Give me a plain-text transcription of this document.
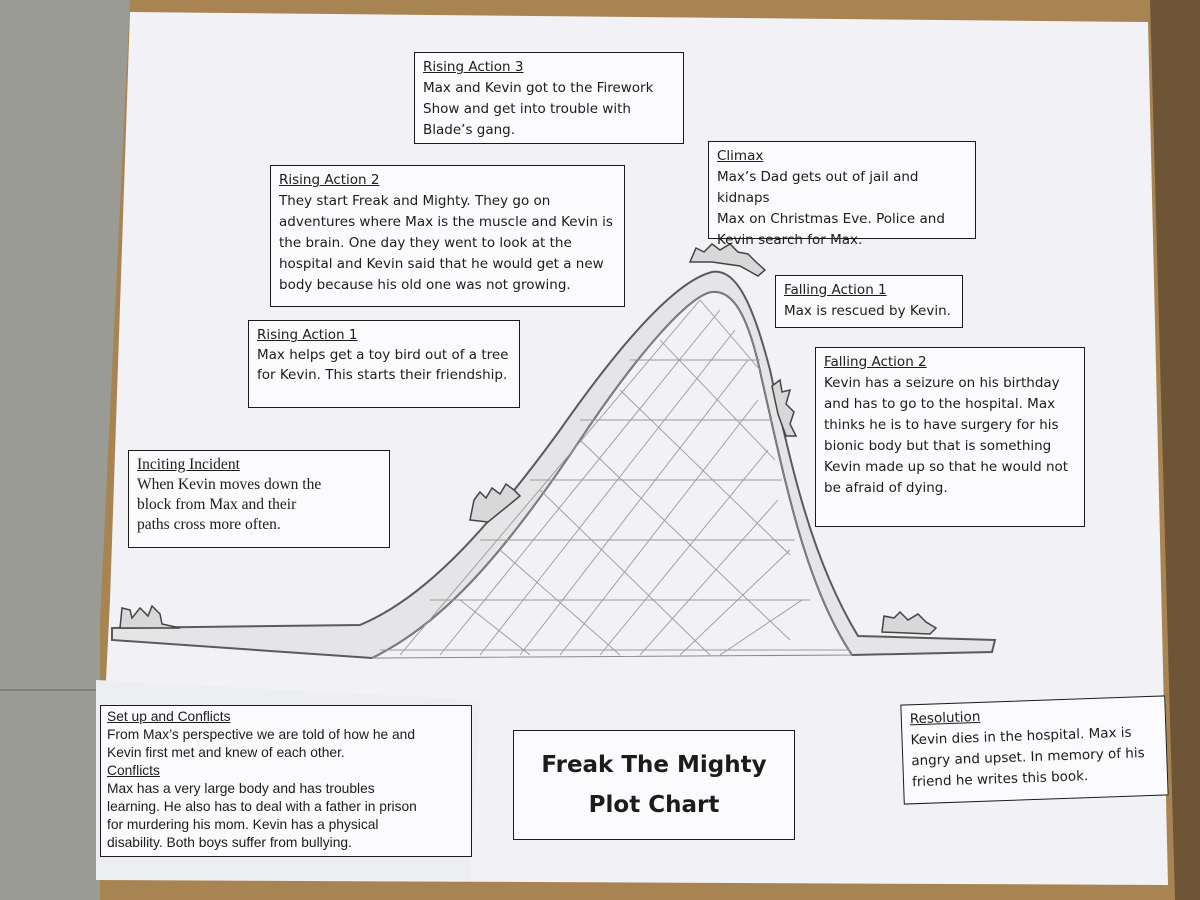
Rising Action 3
Max and Kevin got to the Firework
Show and get into trouble with
Blade’s gang.
Climax
Max’s Dad gets out of jail and kidnaps
Max on Christmas Eve. Police and
Kevin search for Max.
Rising Action 2
They start Freak and Mighty. They go on
adventures where Max is the muscle and Kevin is
the brain. One day they went to look at the
hospital and Kevin said that he would get a new
body because his old one was not growing.	Falling Action 1
Max is rescued by Kevin.
Rising Action 1
Max helps get a toy bird out of a tree
for Kevin. This starts their friendship.
Falling Action 2
Kevin has a seizure on his birthday
and has to go to the hospital. Max
thinks he is to have surgery for his
bionic body but that is something
Kevin made up so that he would not
be afraid of dying.
Inciting Incident
When Kevin moves down the
block from Max and their
paths cross more often.
Set up and Conflicts
From Max’s perspective we are told of how he and
Kevin first met and knew of each other.
Conflicts
Max has a very large body and has troubles
learning. He also has to deal with a father in prison
for murdering his mom. Kevin has a physical
disability. Both boys suffer from bullying.
Freak The Mighty
Plot Chart
Resolution
Kevin dies in the hospital. Max is
angry and upset. In memory of his
friend he writes this book.
